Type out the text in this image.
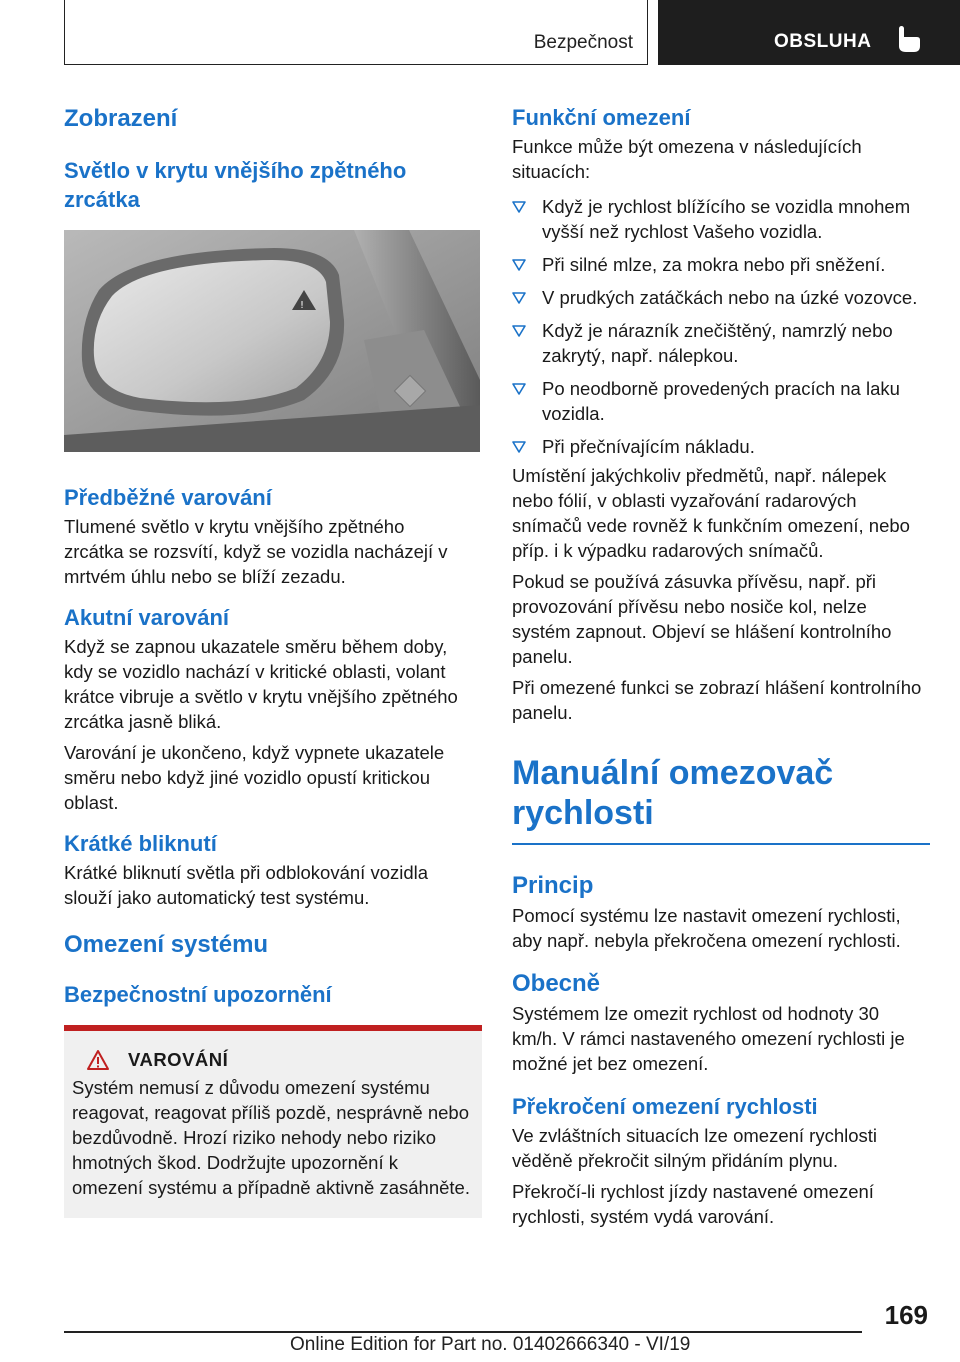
Bezpečnost	OBSLUHA
Zobrazení
Světlo v krytu vnějšího zpětného zrcátka
!
Předběžné varování
Tlumené světlo v krytu vnějšího zpětného zrcátka se rozsvítí, když se vozidla nacházejí v mrtvém úhlu nebo se blíží zezadu.
Akutní varování
Když se zapnou ukazatele směru během doby, kdy se vozidlo nachází v kritické oblasti, volant krátce vibruje a světlo v krytu vnějšího zpětného zrcátka jasně bliká.
Varování je ukončeno, když vypnete ukazatele směru nebo když jiné vozidlo opustí kritickou oblast.
Krátké bliknutí
Krátké bliknutí světla při odblokování vozidla slouží jako automatický test systému.
Omezení systému
Bezpečnostní upozornění
VAROVÁNÍ
Systém nemusí z důvodu omezení systému reagovat, reagovat příliš pozdě, nesprávně nebo bezdůvodně. Hrozí riziko nehody nebo riziko hmotných škod. Dodržujte upozornění k omezení systému a případně aktivně zasáhněte.
Funkční omezení
Funkce může být omezena v následujících situacích:
Když je rychlost blížícího se vozidla mnohem vyšší než rychlost Vašeho vozidla.
Při silné mlze, za mokra nebo při sněžení.
V prudkých zatáčkách nebo na úzké vozovce.
Když je nárazník znečištěný, namrzlý nebo zakrytý, např. nálepkou.
Po neodborně provedených pracích na laku vozidla.
Při přečnívajícím nákladu.
Umístění jakýchkoliv předmětů, např. nálepek nebo fólií, v oblasti vyzařování radarových snímačů vede rovněž k funkčním omezení, nebo příp. i k výpadku radarových snímačů.
Pokud se používá zásuvka přívěsu, např. při provozování přívěsu nebo nosiče kol, nelze systém zapnout. Objeví se hlášení kontrolního panelu.
Při omezené funkci se zobrazí hlášení kontrolního panelu.
Manuální omezovač rychlosti
Princip
Pomocí systému lze nastavit omezení rychlosti, aby např. nebyla překročena omezení rychlosti.
Obecně
Systémem lze omezit rychlost od hodnoty 30 km/h. V rámci nastaveného omezení rychlosti je možné jet bez omezení.
Překročení omezení rychlosti
Ve zvláštních situacích lze omezení rychlosti věděně překročit silným přidáním plynu.
Překročí-li rychlost jízdy nastavené omezení rychlosti, systém vydá varování.
169
Online Edition for Part no. 01402666340 - VI/19
